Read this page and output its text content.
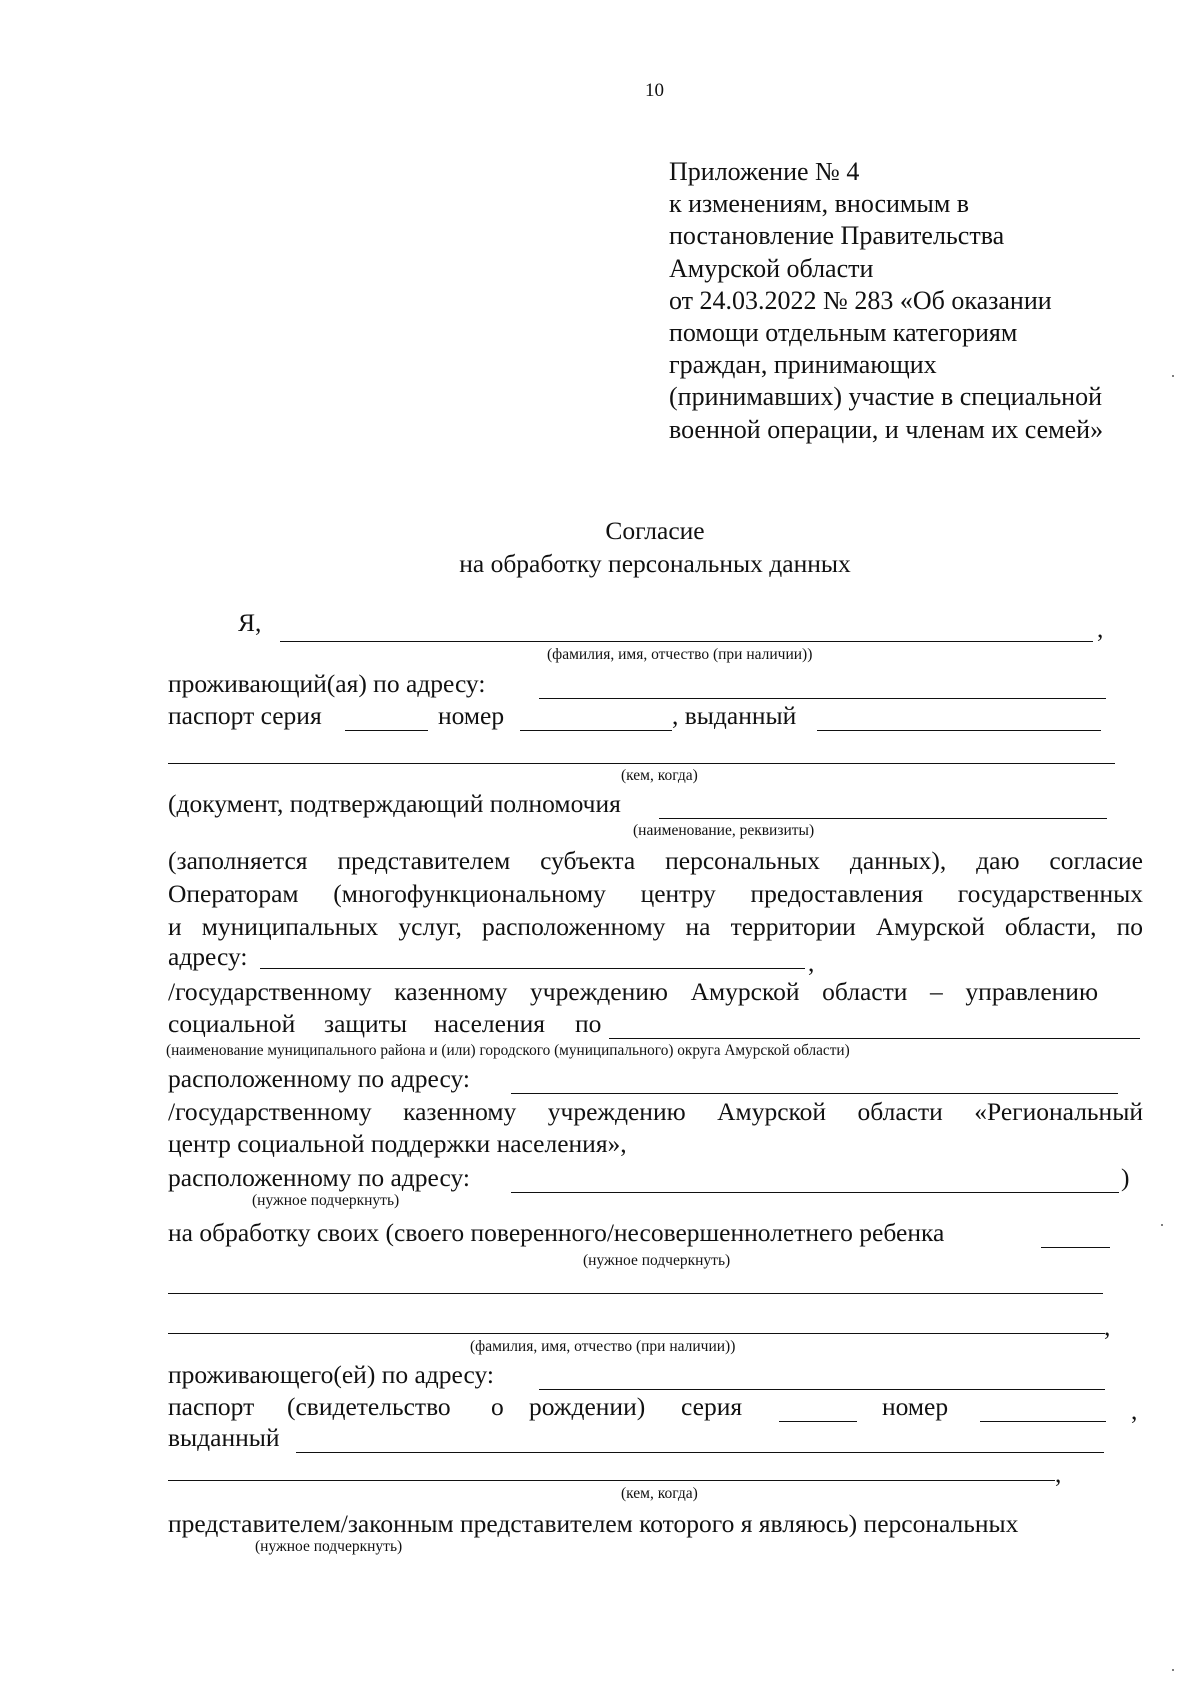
10
Приложение № 4
к изменениям, вносимым в
постановление Правительства
Амурской области
от 24.03.2022 № 283 «Об оказании
помощи отдельным категориям
граждан, принимающих
(принимавших) участие в специальной
военной операции, и членам их семей»
Согласие
на обработку персональных данных
Я,	,
(фамилия, имя, отчество (при наличии))
проживающий(ая) по адресу:
паспорт серия	номер	, выданный
(кем, когда)
(документ, подтверждающий полномочия
(наименование, реквизиты)
(заполняется представителем субъекта персональных данных), даю согласие
Операторам (многофункциональному центру предоставления государственных
и муниципальных услуг, расположенному на территории Амурской области, по
адресу:	,
/государственному казенному учреждению Амурской области – управлению
социальной защиты населения по
(наименование муниципального района и (или) городского (муниципального) округа Амурской области)
расположенному по адресу:
/государственному казенному учреждению Амурской области «Региональный
центр социальной поддержки населения»,
расположенному по адресу:	)
(нужное подчеркнуть)
на обработку своих (своего поверенного/несовершеннолетнего ребенка
(нужное подчеркнуть)
,
(фамилия, имя, отчество (при наличии))
проживающего(ей) по адресу:
паспорт (свидетельство о рождении) серия	номер	,
выданный
,
(кем, когда)
представителем/законным представителем которого я являюсь) персональных
(нужное подчеркнуть)
